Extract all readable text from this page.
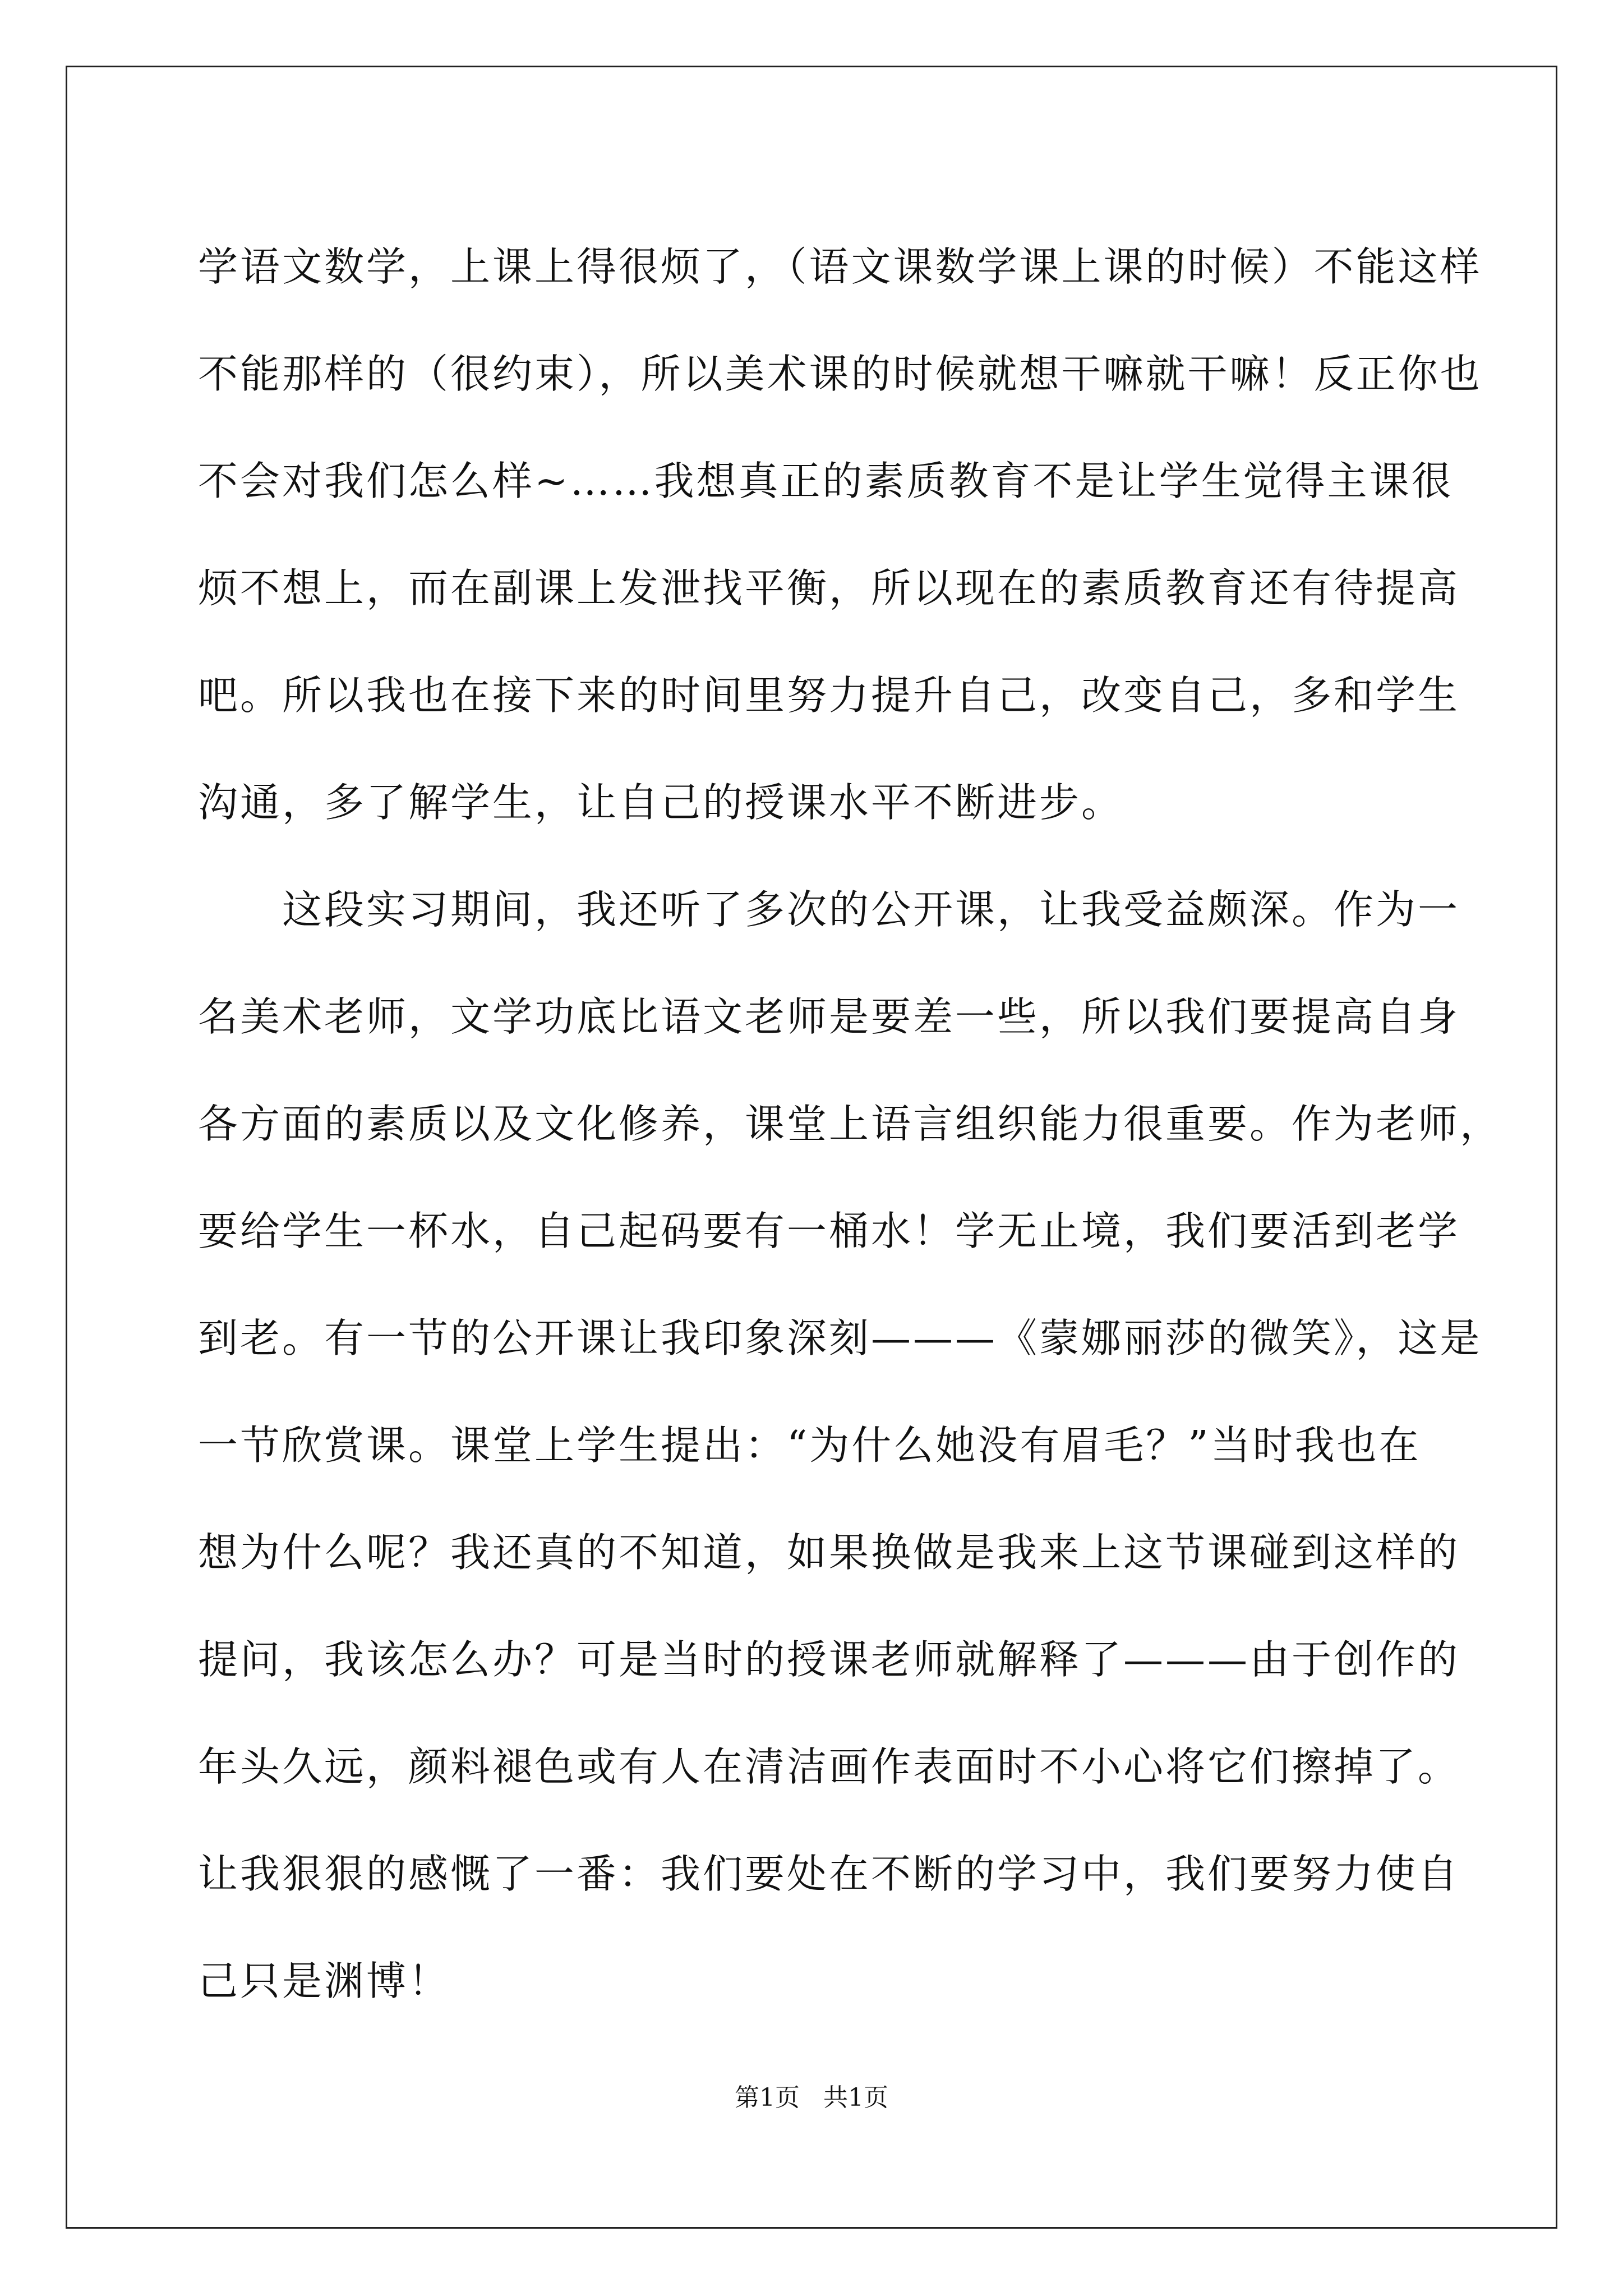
学语文数学，上课上得很烦了，（语文课数学课上课的时候）不能这样
不能那样的（很约束），所以美术课的时候就想干嘛就干嘛！反正你也
不会对我们怎么样~……我想真正的素质教育不是让学生觉得主课很
烦不想上，而在副课上发泄找平衡，所以现在的素质教育还有待提高
吧。所以我也在接下来的时间里努力提升自己，改变自己，多和学生
沟通，多了解学生，让自己的授课水平不断进步。
这段实习期间，我还听了多次的公开课，让我受益颇深。作为一
名美术老师，文学功底比语文老师是要差一些，所以我们要提高自身
各方面的素质以及文化修养，课堂上语言组织能力很重要。作为老师，
要给学生一杯水，自己起码要有一桶水！学无止境，我们要活到老学
到老。有一节的公开课让我印象深刻———《蒙娜丽莎的微笑》，这是
一节欣赏课。课堂上学生提出：“为什么她没有眉毛？”当时我也在
想为什么呢？我还真的不知道，如果换做是我来上这节课碰到这样的
提问，我该怎么办？可是当时的授课老师就解释了———由于创作的
年头久远，颜料褪色或有人在清洁画作表面时不小心将它们擦掉了。
让我狠狠的感慨了一番：我们要处在不断的学习中，我们要努力使自
己只是渊博！
第1页   共1页
